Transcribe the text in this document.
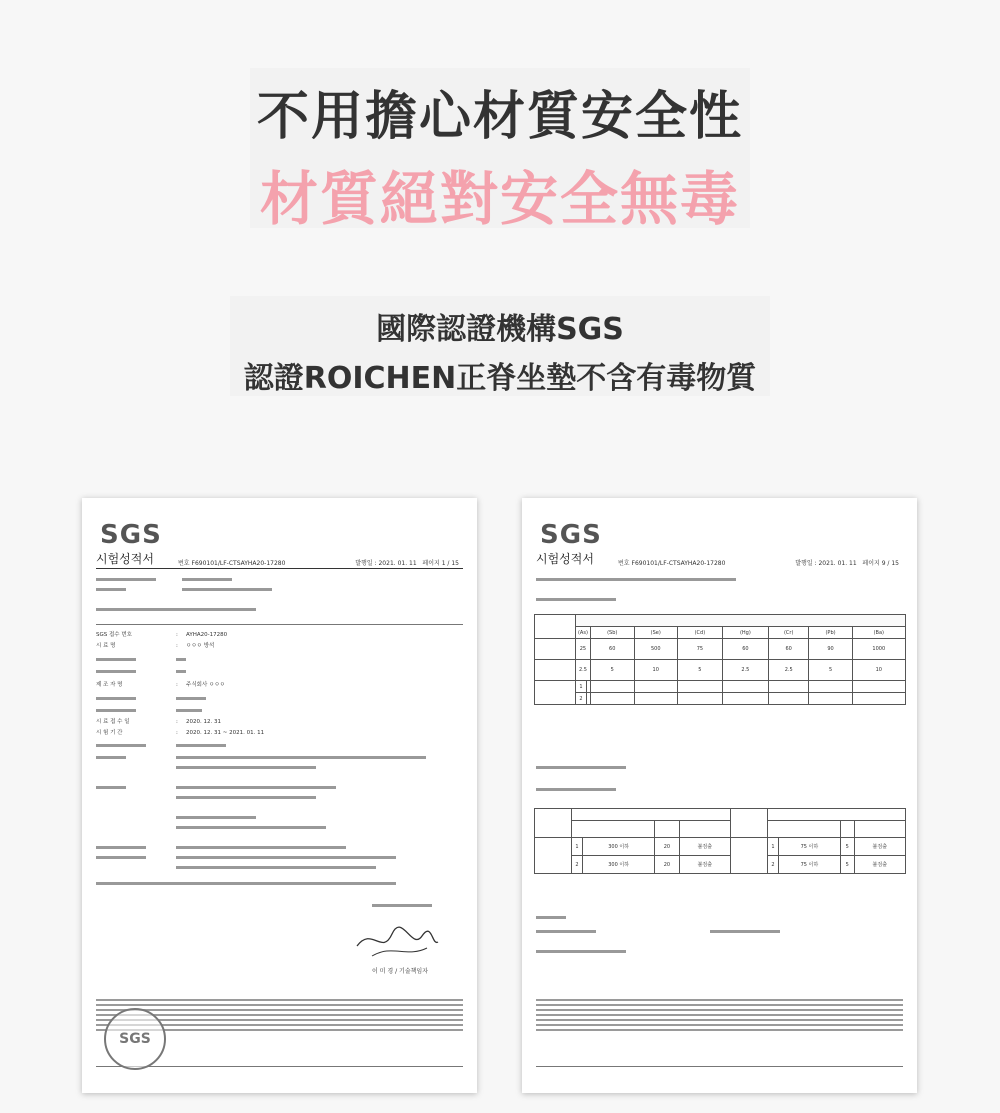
不用擔心材質安全性
材質絕對安全無毒
國際認證機構SGS
認證ROICHEN正脊坐墊不含有毒物質
SGS
시험성적서	번호 F690101/LF-CTSAYHA20-17280	발행일 : 2021. 01. 11 페이지 1 / 15
SGS 접수 번호	:	AYHA20-17280
시 료 명	:	ㅇㅇㅇ 방석
제 조 자 명	:	주식회사 ㅇㅇㅇ
시 료 접 수 일	:	2020. 12. 31
시 험 기 간	:	2020. 12. 31 ~ 2021. 01. 11
이 미 경 / 기술책임자
SGS
SGS
시험성적서	번호 F690101/LF-CTSAYHA20-17280	발행일 : 2021. 01. 11 페이지 9 / 15

	(As)		(Sb)	(Se)	(Cd)	(Hg)	(Cr)	(Pb)	(Ba)
	25		60	500	75	60	60	90	1000
	2.5		5	10	5	2.5	2.5	5	10
	1								
	2								

	1	300 이하	20	불검출		1	75 이하	5	불검출
	2	300 이하	20	불검출		2	75 이하	5	불검출
